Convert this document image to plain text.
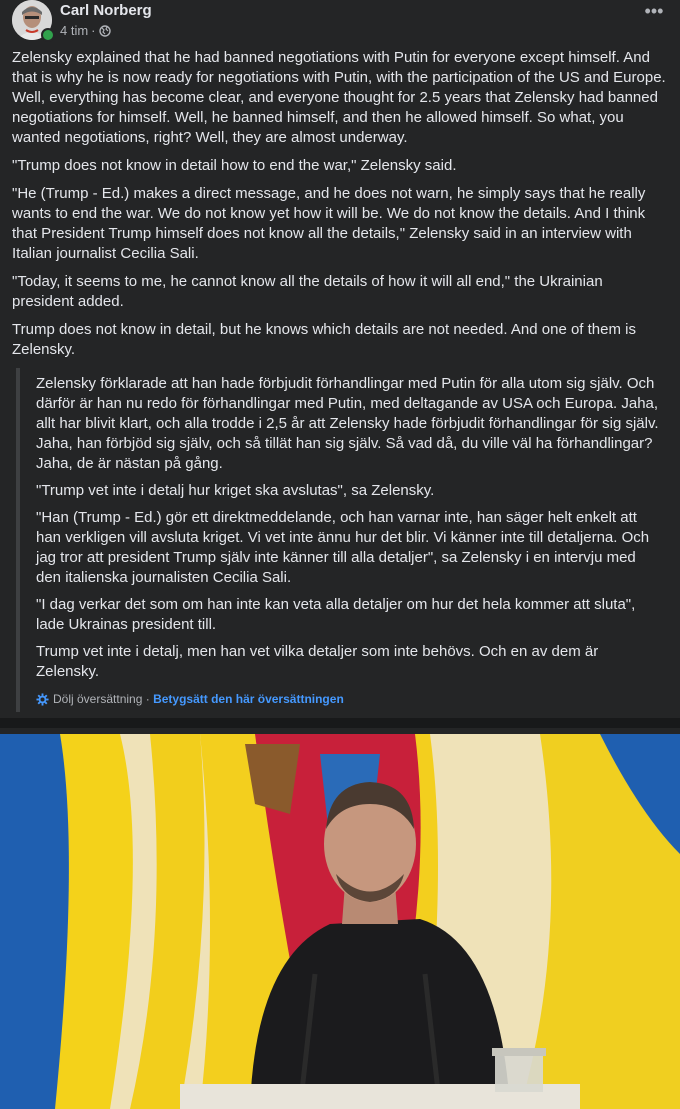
Carl Norberg
4 tim ·
•••

Zelensky explained that he had banned negotiations with Putin for everyone except himself. And that is why he is now ready for negotiations with Putin, with the participation of the US and Europe. Well, everything has become clear, and everyone thought for 2.5 years that Zelensky had banned negotiations for himself. Well, he banned himself, and then he allowed himself. So what, you wanted negotiations, right? Well, they are almost underway.

"Trump does not know in detail how to end the war," Zelensky said.

"He (Trump - Ed.) makes a direct message, and he does not warn, he simply says that he really wants to end the war. We do not know yet how it will be. We do not know the details. And I think that President Trump himself does not know all the details," Zelensky said in an interview with Italian journalist Cecilia Sali.

"Today, it seems to me, he cannot know all the details of how it will all end," the Ukrainian president added.

Trump does not know in detail, but he knows which details are not needed. And one of them is Zelensky.

Zelensky förklarade att han hade förbjudit förhandlingar med Putin för alla utom sig själv. Och därför är han nu redo för förhandlingar med Putin, med deltagande av USA och Europa. Jaha, allt har blivit klart, och alla trodde i 2,5 år att Zelensky hade förbjudit förhandlingar för sig själv. Jaha, han förbjöd sig själv, och så tillät han sig själv. Så vad då, du ville väl ha förhandlingar? Jaha, de är nästan på gång.

"Trump vet inte i detalj hur kriget ska avslutas", sa Zelensky.

"Han (Trump - Ed.) gör ett direktmeddelande, och han varnar inte, han säger helt enkelt att han verkligen vill avsluta kriget. Vi vet inte ännu hur det blir. Vi känner inte till detaljerna. Och jag tror att president Trump själv inte känner till alla detaljer", sa Zelensky i en intervju med den italienska journalisten Cecilia Sali.

"I dag verkar det som om han inte kan veta alla detaljer om hur det hela kommer att sluta", lade Ukrainas president till.

Trump vet inte i detalj, men han vet vilka detaljer som inte behövs. Och en av dem är Zelensky.

Dölj översättning · Betygsätt den här översättningen
